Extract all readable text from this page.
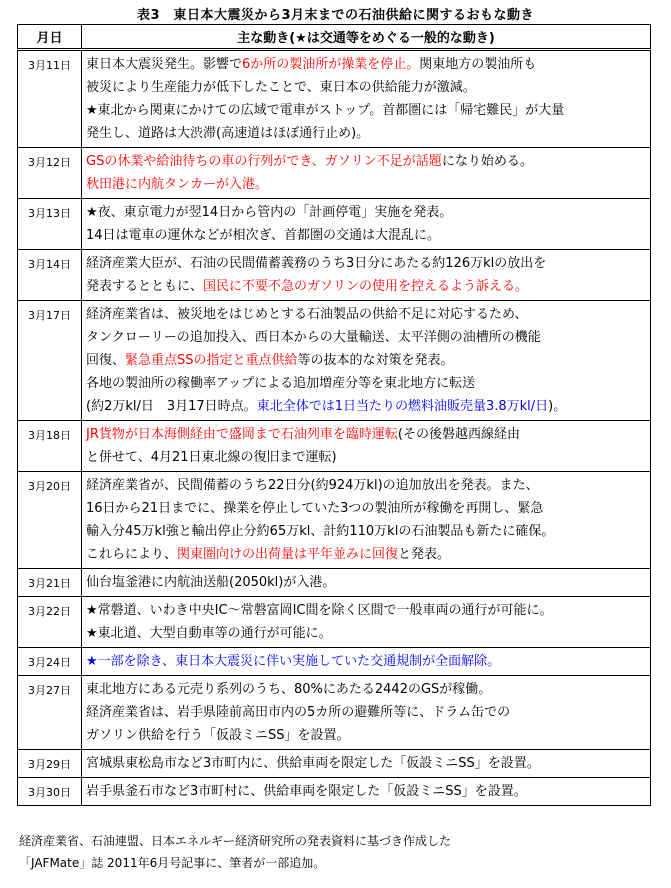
表3　東日本大震災から3月末までの石油供給に関するおもな動き
月日	主な動き(★は交通等をめぐる一般的な動き)
3月11日	東日本大震災発生。影響で6か所の製油所が操業を停止。関東地方の製油所も
被災により生産能力が低下したことで、東日本の供給能力が激減。
★東北から関東にかけての広域で電車がストップ。首都圏には「帰宅難民」が大量
発生し、道路は大渋滞(高速道はほぼ通行止め)。

3月12日	GSの休業や給油待ちの車の行列ができ、ガソリン不足が話題になり始める。
秋田港に内航タンカーが入港。

3月13日	★夜、東京電力が翌14日から管内の「計画停電」実施を発表。
14日は電車の運休などが相次ぎ、首都圏の交通は大混乱に。

3月14日	経済産業大臣が、石油の民間備蓄義務のうち3日分にあたる約126万klの放出を
発表するとともに、国民に不要不急のガソリンの使用を控えるよう訴える。

3月17日	経済産業省は、被災地をはじめとする石油製品の供給不足に対応するため、
タンクローリーの追加投入、西日本からの大量輸送、太平洋側の油槽所の機能
回復、緊急重点SSの指定と重点供給等の抜本的な対策を発表。
各地の製油所の稼働率アップによる追加増産分等を東北地方に転送
(約2万kl/日　3月17日時点。東北全体では1日当たりの燃料油販売量3.8万kl/日)。

3月18日	JR貨物が日本海側経由で盛岡まで石油列車を臨時運転(その後磐越西線経由
と併せて、4月21日東北線の復旧まで運転)

3月20日	経済産業省が、民間備蓄のうち22日分(約924万kl)の追加放出を発表。また、
16日から21日までに、操業を停止していた3つの製油所が稼働を再開し、緊急
輸入分45万kl強と輸出停止分約65万kl、計約110万klの石油製品も新たに確保。
これらにより、関東圏向けの出荷量は平年並みに回復と発表。

3月21日	仙台塩釜港に内航油送船(2050kl)が入港。

3月22日	★常磐道、いわき中央IC～常磐富岡IC間を除く区間で一般車両の通行が可能に。
★東北道、大型自動車等の通行が可能に。

3月24日	★一部を除き、東日本大震災に伴い実施していた交通規制が全面解除。

3月27日	東北地方にある元売り系列のうち、80%にあたる2442のGSが稼働。
経済産業省は、岩手県陸前高田市内の5カ所の避難所等に、ドラム缶での
ガソリン供給を行う「仮設ミニSS」を設置。

3月29日	宮城県東松島市など3市町内に、供給車両を限定した「仮設ミニSS」を設置。

3月30日	岩手県釜石市など3市町村に、供給車両を限定した「仮設ミニSS」を設置。
経済産業省、石油連盟、日本エネルギー経済研究所の発表資料に基づき作成した
「JAFMate」誌 2011年6月号記事に、筆者が一部追加。
